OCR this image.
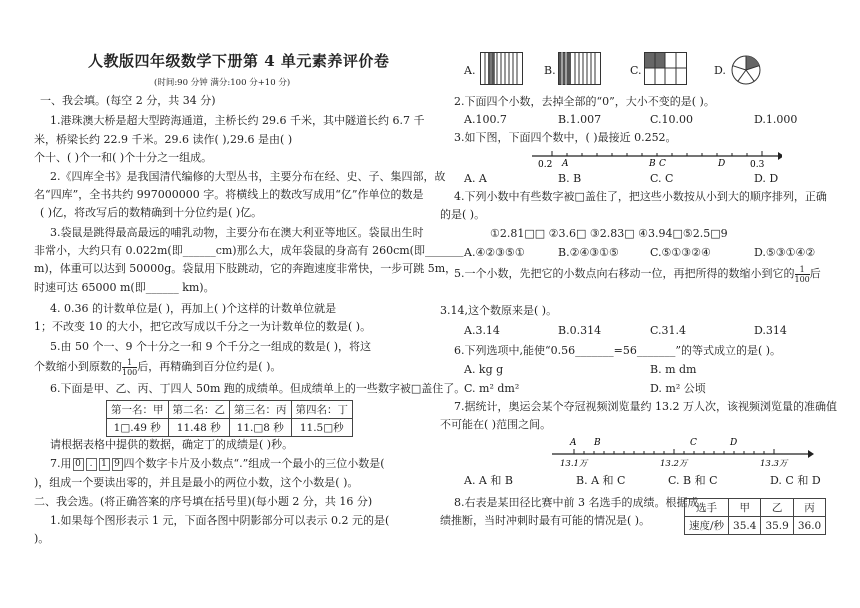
人教版四年级数学下册第 4 单元素养评价卷
(时间:90 分钟 满分:100 分+10 分)
一、我会填。(每空 2 分，共 34 分)
1.港珠澳大桥是超大型跨海通道，主桥长约 29.6 千米，其中隧道长约 6.7 千
米，桥梁长约 22.9 千米。29.6 读作( ),29.6 是由( )
个十、( )个一和( )个十分之一组成。
2.《四库全书》是我国清代编修的大型丛书，主要分布在经、史、子、集四部，故
名“四库”，全书共约 997000000 字。将横线上的数改写成用“亿”作单位的数是
( )亿，将改写后的数精确到十分位约是( )亿。
3.袋鼠是跳得最高最远的哺乳动物，主要分布在澳大利亚等地区。袋鼠出生时
非常小，大约只有 0.022m(即______cm)那么大，成年袋鼠的身高有 260cm(即_______
m)，体重可以达到 50000g。袋鼠用下肢跳动，它的奔跑速度非常快，一步可跳 5m，
时速可达 65000 m(即______ km)。
4. 0.36 的计数单位是( )，再加上( )个这样的计数单位就是
1；不改变 10 的大小，把它改写成以千分之一为计数单位的数是( )。
5.由 50 个一、9 个十分之一和 9 个千分之一组成的数是( )，将这
个数缩小到原数的 $\frac{1}{100}$ 后，再精确到百分位约是( )。
6.下面是甲、乙、丙、丁四人 50m 跑的成绩单。但成绩单上的一些数字被□盖住了。
第一名：甲	第二名：乙	第三名：丙	第四名：丁
1□.49 秒	11.48 秒	11.□8 秒	11.5□秒
请根据表格中提供的数据，确定丁的成绩是( )秒。
7.用 0 . 1 9 四个数字卡片及小数点“.”组成一个最小的三位小数是(
)，组成一个要读出零的，并且是最小的两位小数，这个小数是( )。
二、我会选。(将正确答案的序号填在括号里)(每小题 2 分，共 16 分)
1.如果每个图形表示 1 元，下面各图中阴影部分可以表示 0.2 元的是(
)。
A.	B.	C.	D.
2.下面四个小数，去掉全部的“0”，大小不变的是( )。
A.100.7	B.1.007	C.10.00	D.1.000
3.如下图，下面四个数中，( )最接近 0.252。
0.2 A	B C	D	0.3
A. A	B. B	C. C	D. D
4.下列小数中有些数字被□盖住了，把这些小数按从小到大的顺序排列，正确
的是( )。
①2.81□□ ②3.6□ ③2.83□ ④3.94□⑤2.5□9
A.④②③⑤①	B.②④③①⑤	C.⑤①③②④	D.⑤③①④②
5.一个小数，先把它的小数点向右移动一位，再把所得的数缩小到它的 $\frac{1}{100}$ 后
3.14,这个数原来是( )。
A.3.14	B.0.314	C.31.4	D.314
6.下列选项中,能使“0.56_______=56_______”的等式成立的是( )。
A. kg g	B. m dm
C. m² dm²	D. m² 公顷
7.据统计，奥运会某个夺冠视频浏览量约 13.2 万人次，该视频浏览量的准确值
不可能在( )范围之间。
A B	C	D
13.1万	13.2万	13.3万
A. A 和 B	B. A 和 C	C. B 和 C	D. C 和 D
8.右表是某田径比赛中前 3 名选手的成绩。根据成
绩推断，当时冲刺时最有可能的情况是( )。
选手	甲	乙	丙
速度/秒	35.4	35.9	36.0
